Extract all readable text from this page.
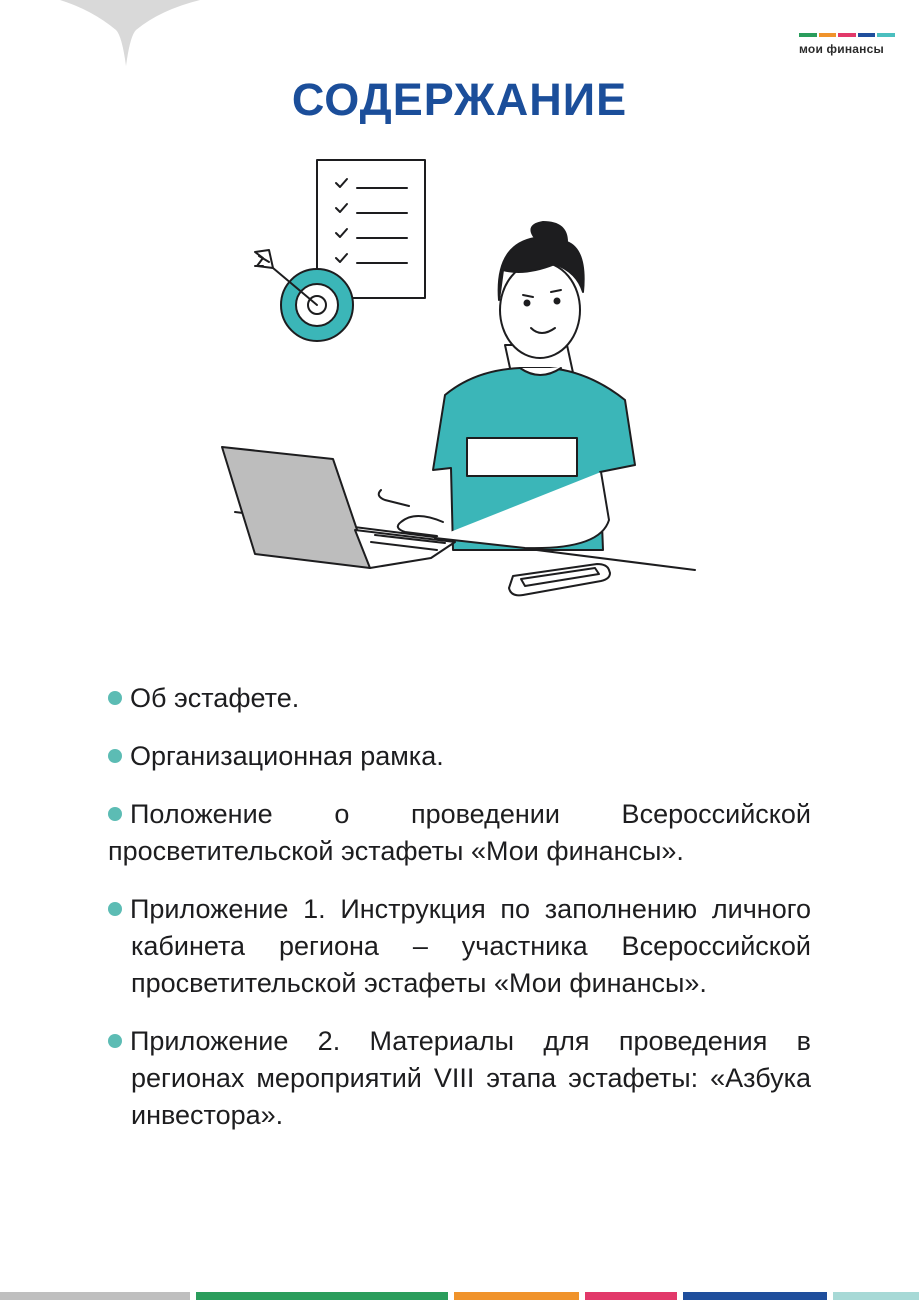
мои финансы
СОДЕРЖАНИЕ
Об эстафете.
Организационная рамка.
Положение о проведении Всероссийской просветительской эстафеты «Мои финансы».
Приложение 1. Инструкция по заполнению личного кабинета региона – участника Всероссийской просветительской эстафеты «Мои финансы».
Приложение 2. Материалы для проведения в регионах мероприятий VIII этапа эстафеты: «Азбука инвестора».
